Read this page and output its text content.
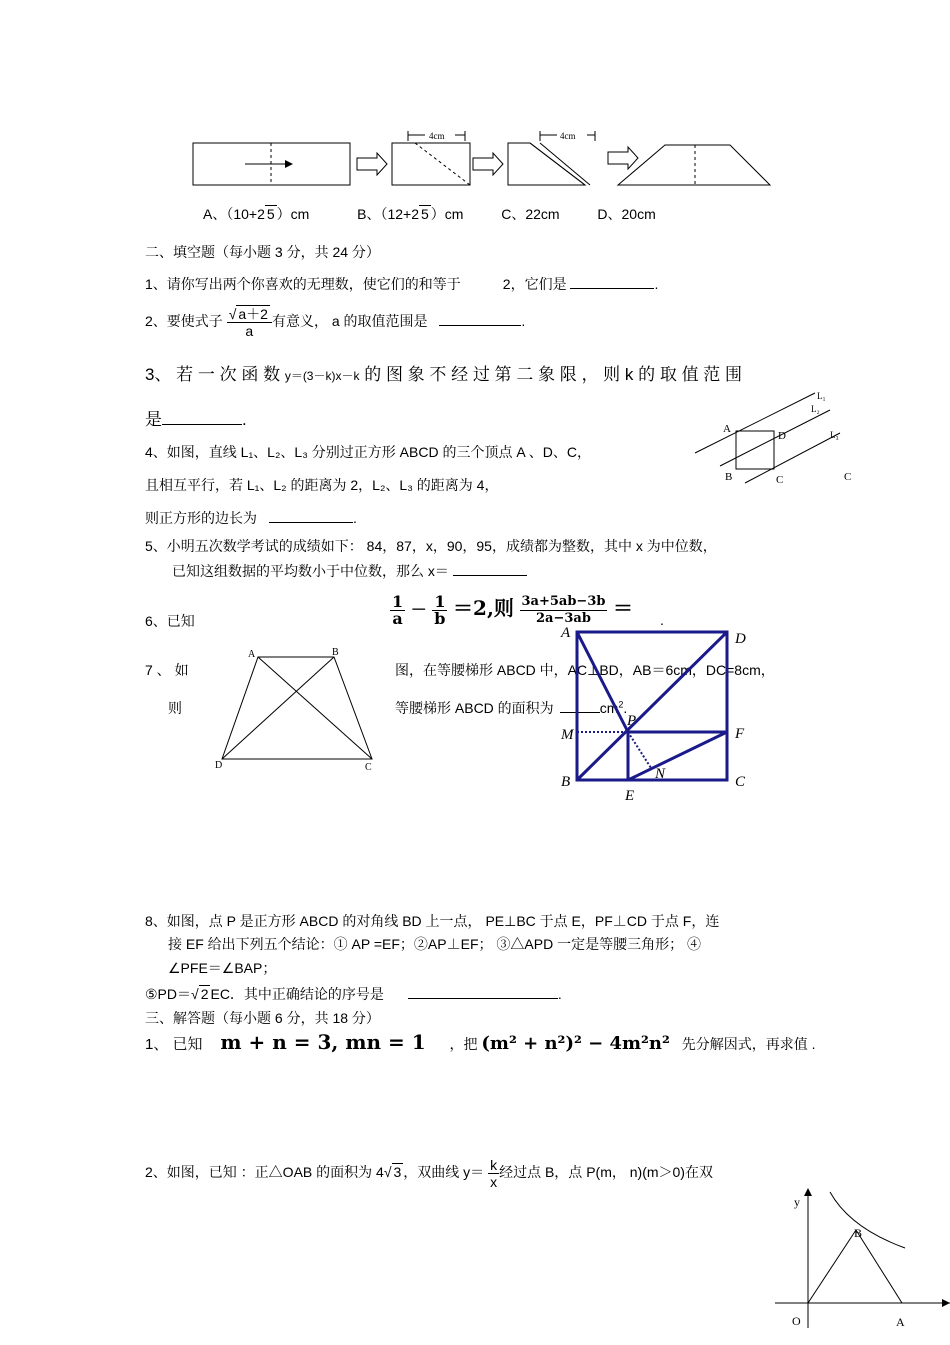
4cm	4cm
A、（10+2 5 ）cm	B、（12+2 5 ）cm	C、22cm	D、20cm
二、填空题（每小题 3 分，共 24 分）
1、请你写出两个你喜欢的无理数，使它们的和等于	2，它们是	.
2、要使式子 $\frac{√ a+2}{a}$ 有意义， a 的取值范围是	.
3、 若 一 次 函 数 y＝(3－k)x－k 的 图 象 不 经 过 第 二 象 限 ， 则 k 的 取 值 范 围
是	.	A
D
B	C
L₁
L₂
L₃
C
4、如图，直线 L₁、L₂、L₃ 分别过正方形 ABCD 的三个顶点 A 、D、C，
且相互平行，若 L₁、L₂ 的距离为 2，L₂、L₃ 的距离为 4，
则正方形的边长为	.
5、小明五次数学考试的成绩如下： 84，87，x，90，95，成绩都为整数，其中 x 为中位数，
已知这组数据的平均数小于中位数，那么 x＝
6、已知	$\frac{1}{a} - \frac{1}{b} =2$,则 $\frac{3a+5ab-3b}{2a-3ab}$ ＝ .
A	B
D	C
7 、 如	图，在等腰梯形 ABCD 中，AC⊥BD，AB＝6cm，DC=8cm，
则	等腰梯形 ABCD 的面积为	$cm^2$.
A	D
M
P
F
N
B
E
C
8、如图，点 P 是正方形 ABCD 的对角线 BD 上一点， PE⊥BC 于点 E，PF⊥CD 于点 F，连
接 EF 给出下列五个结论：① AP =EF；②AP⊥EF； ③△APD 一定是等腰三角形； ④
∠PFE＝∠BAP；
⑤PD＝√ 2 EC．其中正确结论的序号是	.
三、解答题（每小题 6 分，共 18 分）
1、 已知 m + n = 3, mn = 1 ，把 (m² + n²)² − 4m²n² 先分解因式，再求值 .
2、如图，已知 ：正△OAB 的面积为 4√ 3 ，双曲线 $y= \frac{k}{x}$ 经过点 B，点 P(m， n)(m＞0)在双
y
B
O	A
